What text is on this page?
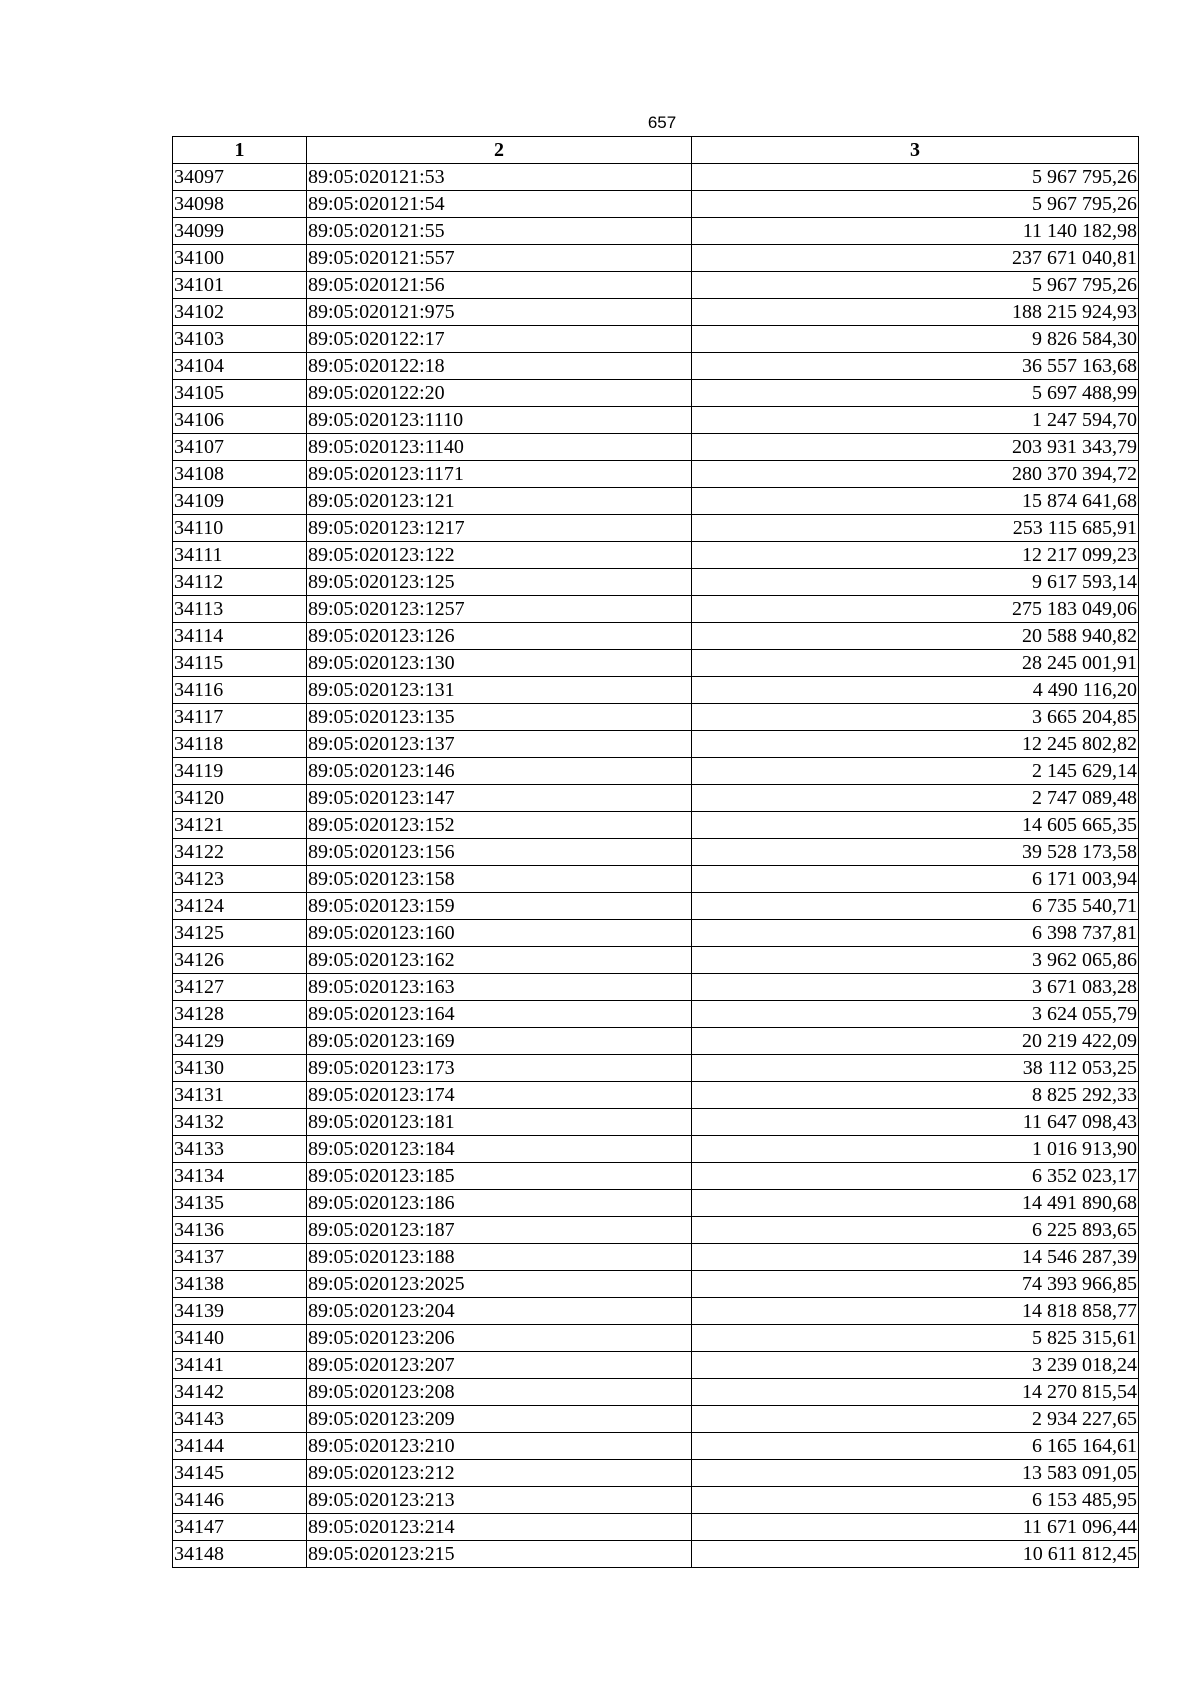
657
1	2	3
34097	89:05:020121:53	5 967 795,26
34098	89:05:020121:54	5 967 795,26
34099	89:05:020121:55	11 140 182,98
34100	89:05:020121:557	237 671 040,81
34101	89:05:020121:56	5 967 795,26
34102	89:05:020121:975	188 215 924,93
34103	89:05:020122:17	9 826 584,30
34104	89:05:020122:18	36 557 163,68
34105	89:05:020122:20	5 697 488,99
34106	89:05:020123:1110	1 247 594,70
34107	89:05:020123:1140	203 931 343,79
34108	89:05:020123:1171	280 370 394,72
34109	89:05:020123:121	15 874 641,68
34110	89:05:020123:1217	253 115 685,91
34111	89:05:020123:122	12 217 099,23
34112	89:05:020123:125	9 617 593,14
34113	89:05:020123:1257	275 183 049,06
34114	89:05:020123:126	20 588 940,82
34115	89:05:020123:130	28 245 001,91
34116	89:05:020123:131	4 490 116,20
34117	89:05:020123:135	3 665 204,85
34118	89:05:020123:137	12 245 802,82
34119	89:05:020123:146	2 145 629,14
34120	89:05:020123:147	2 747 089,48
34121	89:05:020123:152	14 605 665,35
34122	89:05:020123:156	39 528 173,58
34123	89:05:020123:158	6 171 003,94
34124	89:05:020123:159	6 735 540,71
34125	89:05:020123:160	6 398 737,81
34126	89:05:020123:162	3 962 065,86
34127	89:05:020123:163	3 671 083,28
34128	89:05:020123:164	3 624 055,79
34129	89:05:020123:169	20 219 422,09
34130	89:05:020123:173	38 112 053,25
34131	89:05:020123:174	8 825 292,33
34132	89:05:020123:181	11 647 098,43
34133	89:05:020123:184	1 016 913,90
34134	89:05:020123:185	6 352 023,17
34135	89:05:020123:186	14 491 890,68
34136	89:05:020123:187	6 225 893,65
34137	89:05:020123:188	14 546 287,39
34138	89:05:020123:2025	74 393 966,85
34139	89:05:020123:204	14 818 858,77
34140	89:05:020123:206	5 825 315,61
34141	89:05:020123:207	3 239 018,24
34142	89:05:020123:208	14 270 815,54
34143	89:05:020123:209	2 934 227,65
34144	89:05:020123:210	6 165 164,61
34145	89:05:020123:212	13 583 091,05
34146	89:05:020123:213	6 153 485,95
34147	89:05:020123:214	11 671 096,44
34148	89:05:020123:215	10 611 812,45
